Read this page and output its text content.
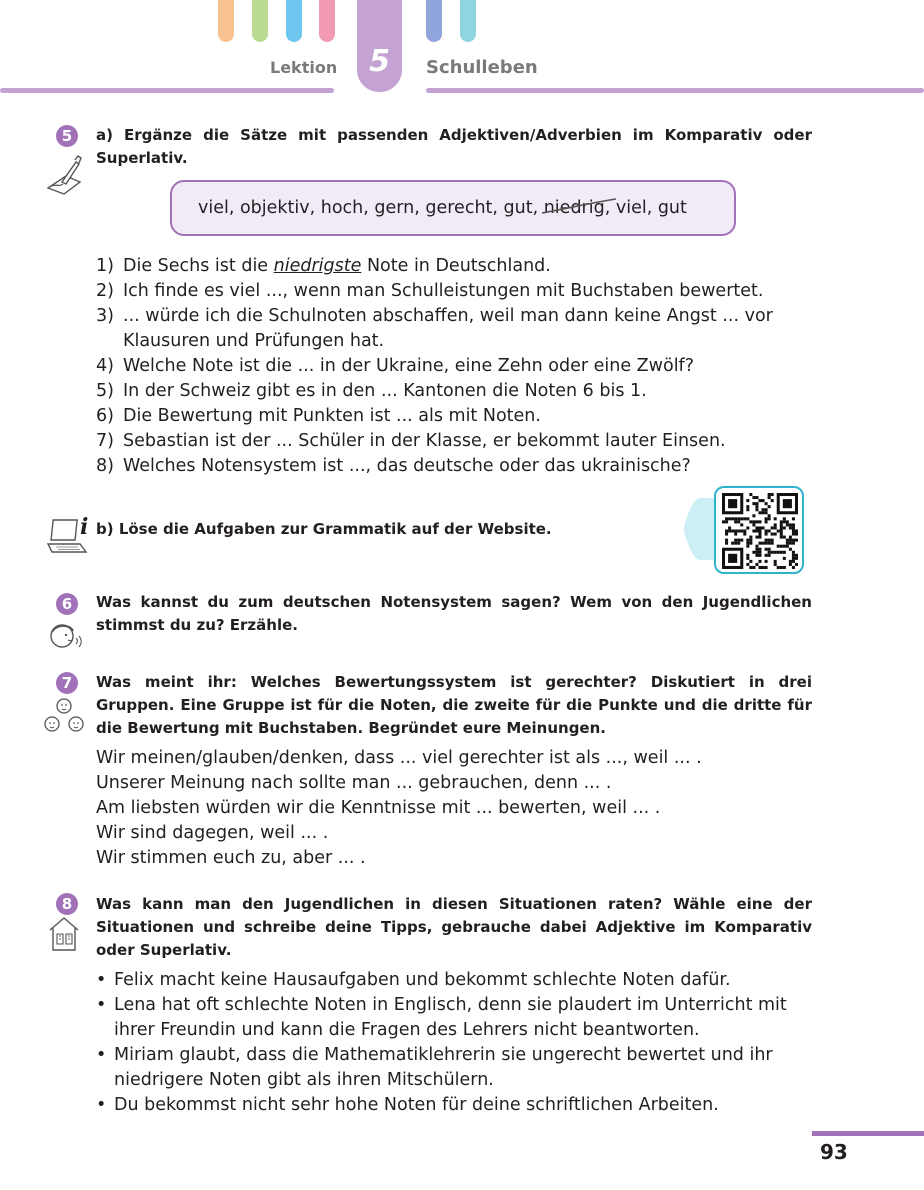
5
Lektion	Schulleben
5	a) Ergänze die Sätze mit passenden Adjektiven/Adverbien im Komparativ oder Superlativ.
viel, objektiv, hoch, gern, gerecht, gut, niedrig
, viel, gut
1) Die Sechs ist die niedrigste Note in Deutschland.
2) Ich finde es viel ..., wenn man Schulleistungen mit Buchstaben bewertet.
3) ... würde ich die Schulnoten abschaffen, weil man dann keine Angst ... vor Klausuren und Prüfungen hat.
4) Welche Note ist die ... in der Ukraine, eine Zehn oder eine Zwölf?
5) In der Schweiz gibt es in den ... Kantonen die Noten 6 bis 1.
6) Die Bewertung mit Punkten ist ... als mit Noten.
7) Sebastian ist der ... Schüler in der Klasse, er bekommt lauter Einsen.
8) Welches Notensystem ist ..., das deutsche oder das ukrainische?
i b) Löse die Aufgaben zur Grammatik auf der Website.
6	Was kannst du zum deutschen Notensystem sagen? Wem von den Jugendlichen stimmst du zu? Erzähle.
7	Was meint ihr: Welches Bewertungssystem ist gerechter? Diskutiert in drei Gruppen. Eine Gruppe ist für die Noten, die zweite für die Punkte und die dritte für die Bewertung mit Buchstaben. Begründet eure Meinungen.
Wir meinen/glauben/denken, dass ... viel gerechter ist als ..., weil ... .
Unserer Meinung nach sollte man ... gebrauchen, denn ... .
Am liebsten würden wir die Kenntnisse mit ... bewerten, weil ... .
Wir sind dagegen, weil ... .
Wir stimmen euch zu, aber ... .
8	Was kann man den Jugendlichen in diesen Situationen raten? Wähle eine der Situationen und schreibe deine Tipps, gebrauche dabei Adjektive im Komparativ oder Superlativ.
• Felix macht keine Hausaufgaben und bekommt schlechte Noten dafür.
• Lena hat oft schlechte Noten in Englisch, denn sie plaudert im Unterricht mit ihrer Freundin und kann die Fragen des Lehrers nicht beantworten.
• Miriam glaubt, dass die Mathematiklehrerin sie ungerecht bewertet und ihr niedrigere Noten gibt als ihren Mitschülern.
• Du bekommst nicht sehr hohe Noten für deine schriftlichen Arbeiten.
93
